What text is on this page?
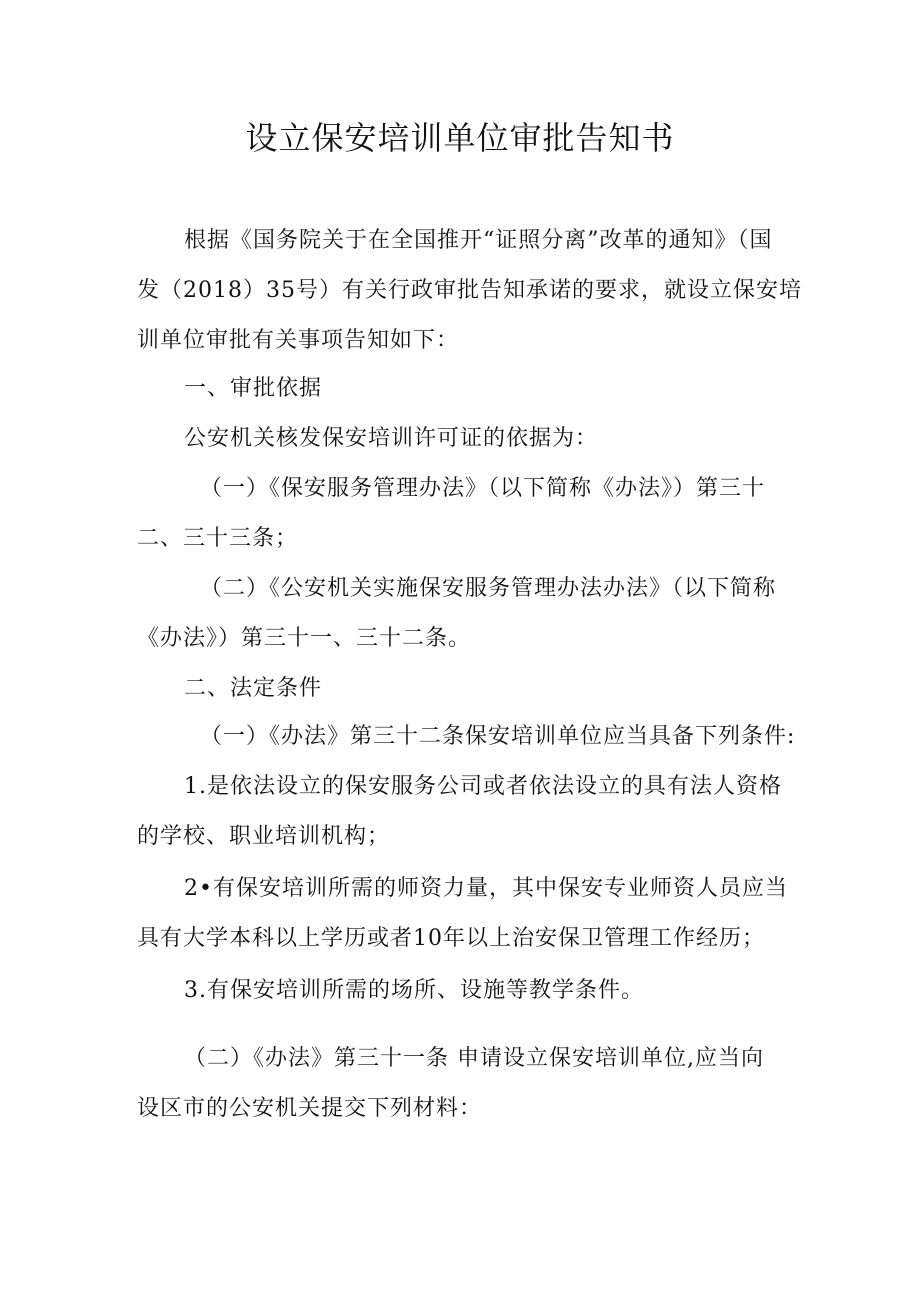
设立保安培训单位审批告知书

根据《国务院关于在全国推开“证照分离”改革的通知》（国

发（2018）35号）有关行政审批告知承诺的要求，就设立保安培

训单位审批有关事项告知如下：

一、审批依据

公安机关核发保安培训许可证的依据为：

（一）《保安服务管理办法》（以下简称《办法》）第三十

二、三十三条；

（二）《公安机关实施保安服务管理办法办法》（以下简称

《办法》）第三十一、三十二条。

二、法定条件

（一）《办法》第三十二条保安培训单位应当具备下列条件:

1.是依法设立的保安服务公司或者依法设立的具有法人资格

的学校、职业培训机构；

2•有保安培训所需的师资力量，其中保安专业师资人员应当

具有大学本科以上学历或者10年以上治安保卫管理工作经历；

3.有保安培训所需的场所、设施等教学条件。

（二）《办法》第三十一条 申请设立保安培训单位,应当向

设区市的公安机关提交下列材料：
